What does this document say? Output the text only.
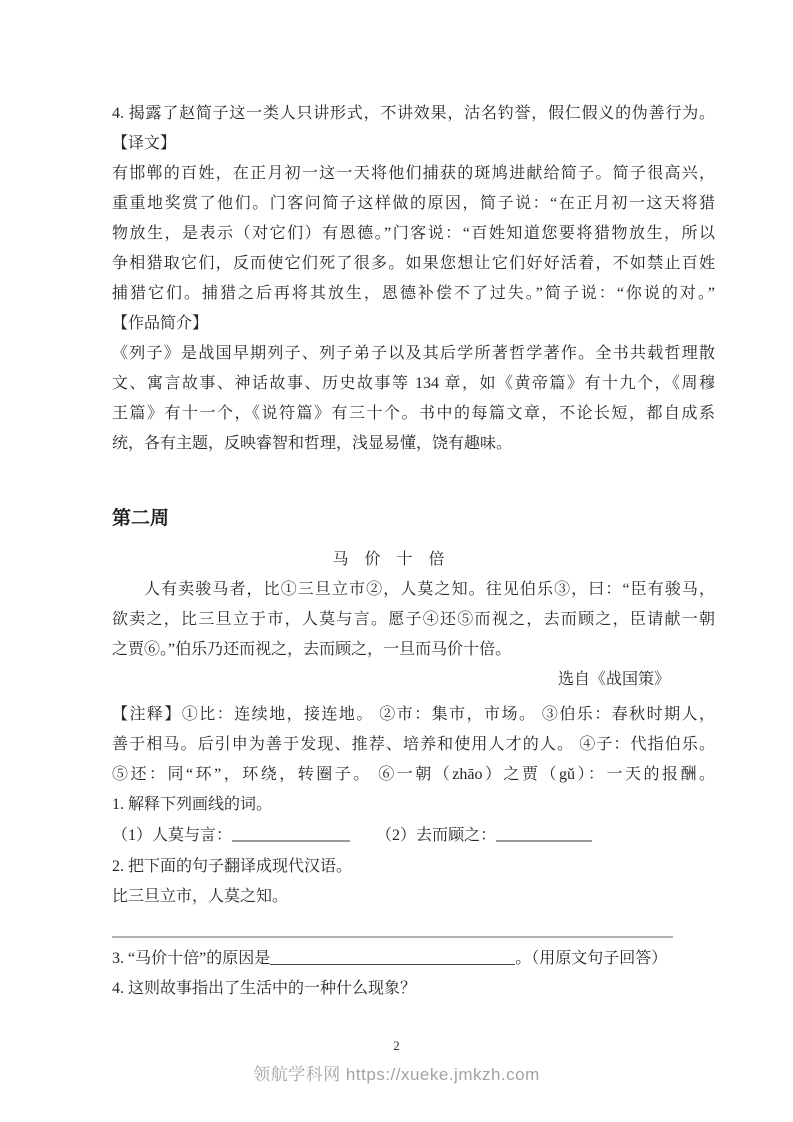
4. 揭露了赵简子这一类人只讲形式，不讲效果，沽名钓誉，假仁假义的伪善行为。
【译文】
有邯郸的百姓，在正月初一这一天将他们捕获的斑鸠进献给简子。简子很高兴，
重重地奖赏了他们。门客问简子这样做的原因，简子说：“在正月初一这天将猎
物放生，是表示（对它们）有恩德。”门客说：“百姓知道您要将猎物放生，所以
争相猎取它们，反而使它们死了很多。如果您想让它们好好活着，不如禁止百姓
捕猎它们。捕猎之后再将其放生，恩德补偿不了过失。”简子说：“你说的对。”
【作品简介】
《列子》是战国早期列子、列子弟子以及其后学所著哲学著作。全书共载哲理散
文、寓言故事、神话故事、历史故事等 134 章，如《黄帝篇》有十九个，《周穆
王篇》有十一个，《说符篇》有三十个。书中的每篇文章，不论长短，都自成系
统，各有主题，反映睿智和哲理，浅显易懂，饶有趣味。
第二周
马价十倍
人有卖骏马者，比①三旦立市②，人莫之知。往见伯乐③，曰：“臣有骏马，
欲卖之，比三旦立于市，人莫与言。愿子④还⑤而视之，去而顾之，臣请献一朝
之贾⑥。”伯乐乃还而视之，去而顾之，一旦而马价十倍。
选自《战国策》
【注释】①比：连续地，接连地。 ②市：集市，市场。 ③伯乐：春秋时期人，
善于相马。后引申为善于发现、推荐、培养和使用人才的人。 ④子：代指伯乐。
⑤还：同“环”，环绕，转圈子。 ⑥一朝（zhāo）之贾（gǔ）：一天的报酬。
1. 解释下列画线的词。
（1）人莫与言 •：	（2）去而顾 •之：
2. 把下面的句子翻译成现代汉语。
比三旦立市，人莫之知。
3. “马价十倍”的原因是	。（用原文句子回答）
4. 这则故事指出了生活中的一种什么现象？
2
领航学科网 https://xueke.jmkzh.com
